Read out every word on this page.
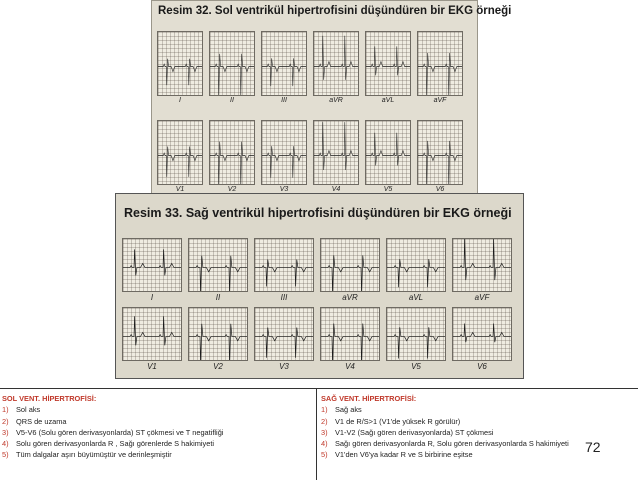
Resim 32. Sol ventrikül hipertrofisini düşündüren bir EKG örneği
I	II	III	aVR	aVL	aVF
V1	V2	V3	V4	V5	V6
Resim 33. Sağ ventrikül hipertrofisini düşündüren bir EKG örneği
I	II	III	aVR	aVL	aVF
V1	V2	V3	V4	V5	V6
SOL VENT. HİPERTROFİSİ:
1) Sol aks
2) QRS de uzama
3) V5-V6 (Solu gören derivasyonlarda) ST çökmesi ve T negatifliği
4) Solu gören derivasyonlarda R , Sağı görenlerde S hakimiyeti
5) Tüm dalgalar aşırı büyümüştür ve derinleşmiştir
SAĞ VENT. HİPERTROFİSİ:
1) Sağ aks
2) V1 de R/S>1 (V1'de yüksek R görülür)
3) V1-V2 (Sağı gören derivasyonlarda) ST çökmesi
4) Sağı gören derivasyonlarda R, Solu gören derivasyonlarda S hakimiyeti
5) V1'den V6'ya kadar R ve S birbirine eşitse	72
